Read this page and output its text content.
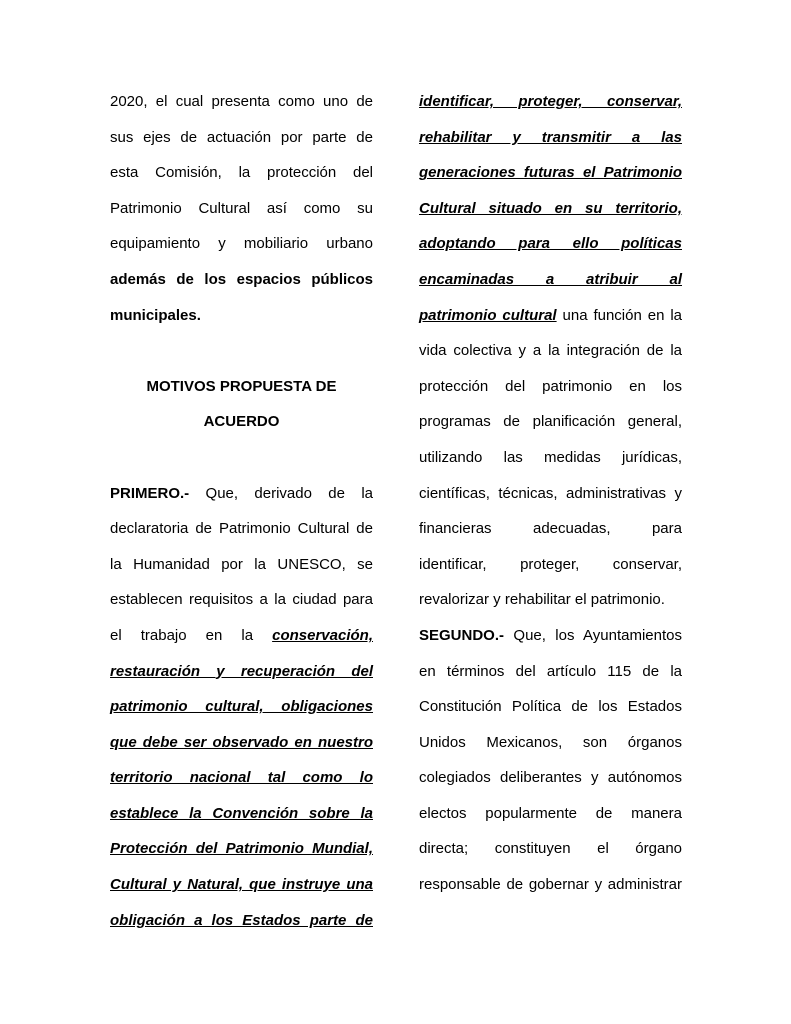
2020, el cual presenta como uno de
sus ejes de actuación por parte de
esta Comisión, la protección del
Patrimonio Cultural así como su
equipamiento y mobiliario urbano
además de los espacios públicos
municipales.
MOTIVOS PROPUESTA DE
ACUERDO
PRIMERO.- Que, derivado de la
declaratoria de Patrimonio Cultural de
la Humanidad por la UNESCO, se
establecen requisitos a la ciudad para
el trabajo en la conservación,
restauración y recuperación del
patrimonio cultural, obligaciones
que debe ser observado en nuestro
territorio nacional tal como lo
establece la Convención sobre la
Protección del Patrimonio Mundial,
Cultural y Natural, que instruye una
obligación a los Estados parte de
identificar, proteger, conservar,
rehabilitar y transmitir a las
generaciones futuras el Patrimonio
Cultural situado en su territorio,
adoptando para ello políticas
encaminadas a atribuir al
patrimonio cultural una función en la
vida colectiva y a la integración de la
protección del patrimonio en los
programas de planificación general,
utilizando las medidas jurídicas,
científicas, técnicas, administrativas y
financieras adecuadas, para
identificar, proteger, conservar,
revalorizar y rehabilitar el patrimonio.
SEGUNDO.- Que, los Ayuntamientos
en términos del artículo 115 de la
Constitución Política de los Estados
Unidos Mexicanos, son órganos
colegiados deliberantes y autónomos
electos popularmente de manera
directa; constituyen el órgano
responsable de gobernar y administrar
